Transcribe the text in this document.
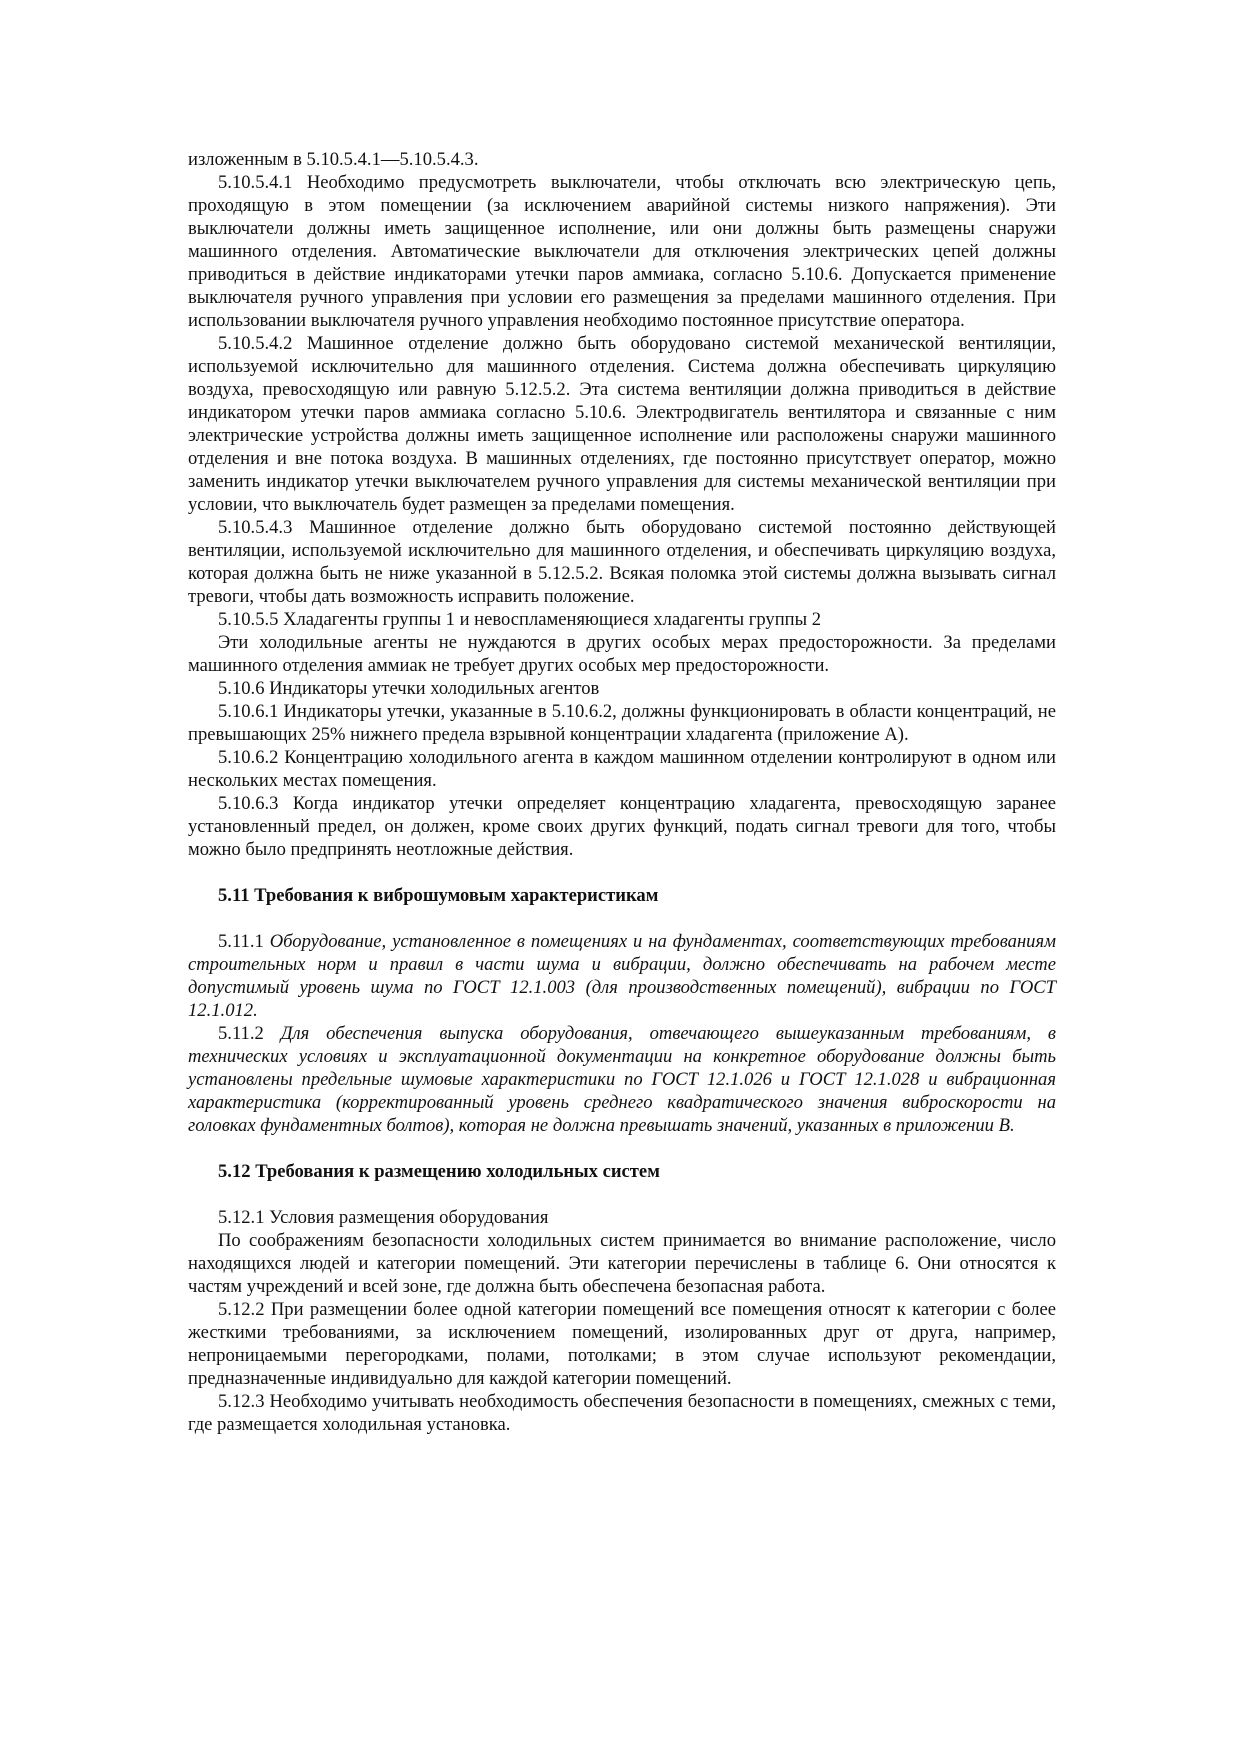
изложенным в 5.10.5.4.1—5.10.5.4.3.

5.10.5.4.1 Необходимо предусмотреть выключатели, чтобы отключать всю электрическую цепь, проходящую в этом помещении (за исключением аварийной системы низкого напряжения). Эти выключатели должны иметь защищенное исполнение, или они должны быть размещены снаружи машинного отделения. Автоматические выключатели для отключения электрических цепей должны приводиться в действие индикаторами утечки паров аммиака, согласно 5.10.6. Допускается применение выключателя ручного управления при условии его размещения за пределами машинного отделения. При использовании выключателя ручного управления необходимо постоянное присутствие оператора.

5.10.5.4.2 Машинное отделение должно быть оборудовано системой механической вентиляции, используемой исключительно для машинного отделения. Система должна обеспечивать циркуляцию воздуха, превосходящую или равную 5.12.5.2. Эта система вентиляции должна приводиться в действие индикатором утечки паров аммиака согласно 5.10.6. Электродвигатель вентилятора и связанные с ним электрические устройства должны иметь защищенное исполнение или расположены снаружи машинного отделения и вне потока воздуха. В машинных отделениях, где постоянно присутствует оператор, можно заменить индикатор утечки выключателем ручного управления для системы механической вентиляции при условии, что выключатель будет размещен за пределами помещения.

5.10.5.4.3 Машинное отделение должно быть оборудовано системой постоянно действующей вентиляции, используемой исключительно для машинного отделения, и обеспечивать циркуляцию воздуха, которая должна быть не ниже указанной в 5.12.5.2. Всякая поломка этой системы должна вызывать сигнал тревоги, чтобы дать возможность исправить положение.

5.10.5.5 Хладагенты группы 1 и невоспламеняющиеся хладагенты группы 2

Эти холодильные агенты не нуждаются в других особых мерах предосторожности. За пределами машинного отделения аммиак не требует других особых мер предосторожности.

5.10.6 Индикаторы утечки холодильных агентов

5.10.6.1 Индикаторы утечки, указанные в 5.10.6.2, должны функционировать в области концентраций, не превышающих 25% нижнего предела взрывной концентрации хладагента (приложение А).

5.10.6.2 Концентрацию холодильного агента в каждом машинном отделении контролируют в одном или нескольких местах помещения.

5.10.6.3 Когда индикатор утечки определяет концентрацию хладагента, превосходящую заранее установленный предел, он должен, кроме своих других функций, подать сигнал тревоги для того, чтобы можно было предпринять неотложные действия.

5.11 Требования к виброшумовым характеристикам

5.11.1 Оборудование, установленное в помещениях и на фундаментах, соответствующих требованиям строительных норм и правил в части шума и вибрации, должно обеспечивать на рабочем месте допустимый уровень шума по ГОСТ 12.1.003 (для производственных помещений), вибрации по ГОСТ 12.1.012.

5.11.2 Для обеспечения выпуска оборудования, отвечающего вышеуказанным требованиям, в технических условиях и эксплуатационной документации на конкретное оборудование должны быть установлены предельные шумовые характеристики по ГОСТ 12.1.026 и ГОСТ 12.1.028 и вибрационная характеристика (корректированный уровень среднего квадратического значения виброскорости на головках фундаментных болтов), которая не должна превышать значений, указанных в приложении В.

5.12 Требования к размещению холодильных систем

5.12.1 Условия размещения оборудования

По соображениям безопасности холодильных систем принимается во внимание расположение, число находящихся людей и категории помещений. Эти категории перечислены в таблице 6. Они относятся к частям учреждений и всей зоне, где должна быть обеспечена безопасная работа.

5.12.2 При размещении более одной категории помещений все помещения относят к категории с более жесткими требованиями, за исключением помещений, изолированных друг от друга, например, непроницаемыми перегородками, полами, потолками; в этом случае используют рекомендации, предназначенные индивидуально для каждой категории помещений.

5.12.3 Необходимо учитывать необходимость обеспечения безопасности в помещениях, смежных с теми, где размещается холодильная установка.
